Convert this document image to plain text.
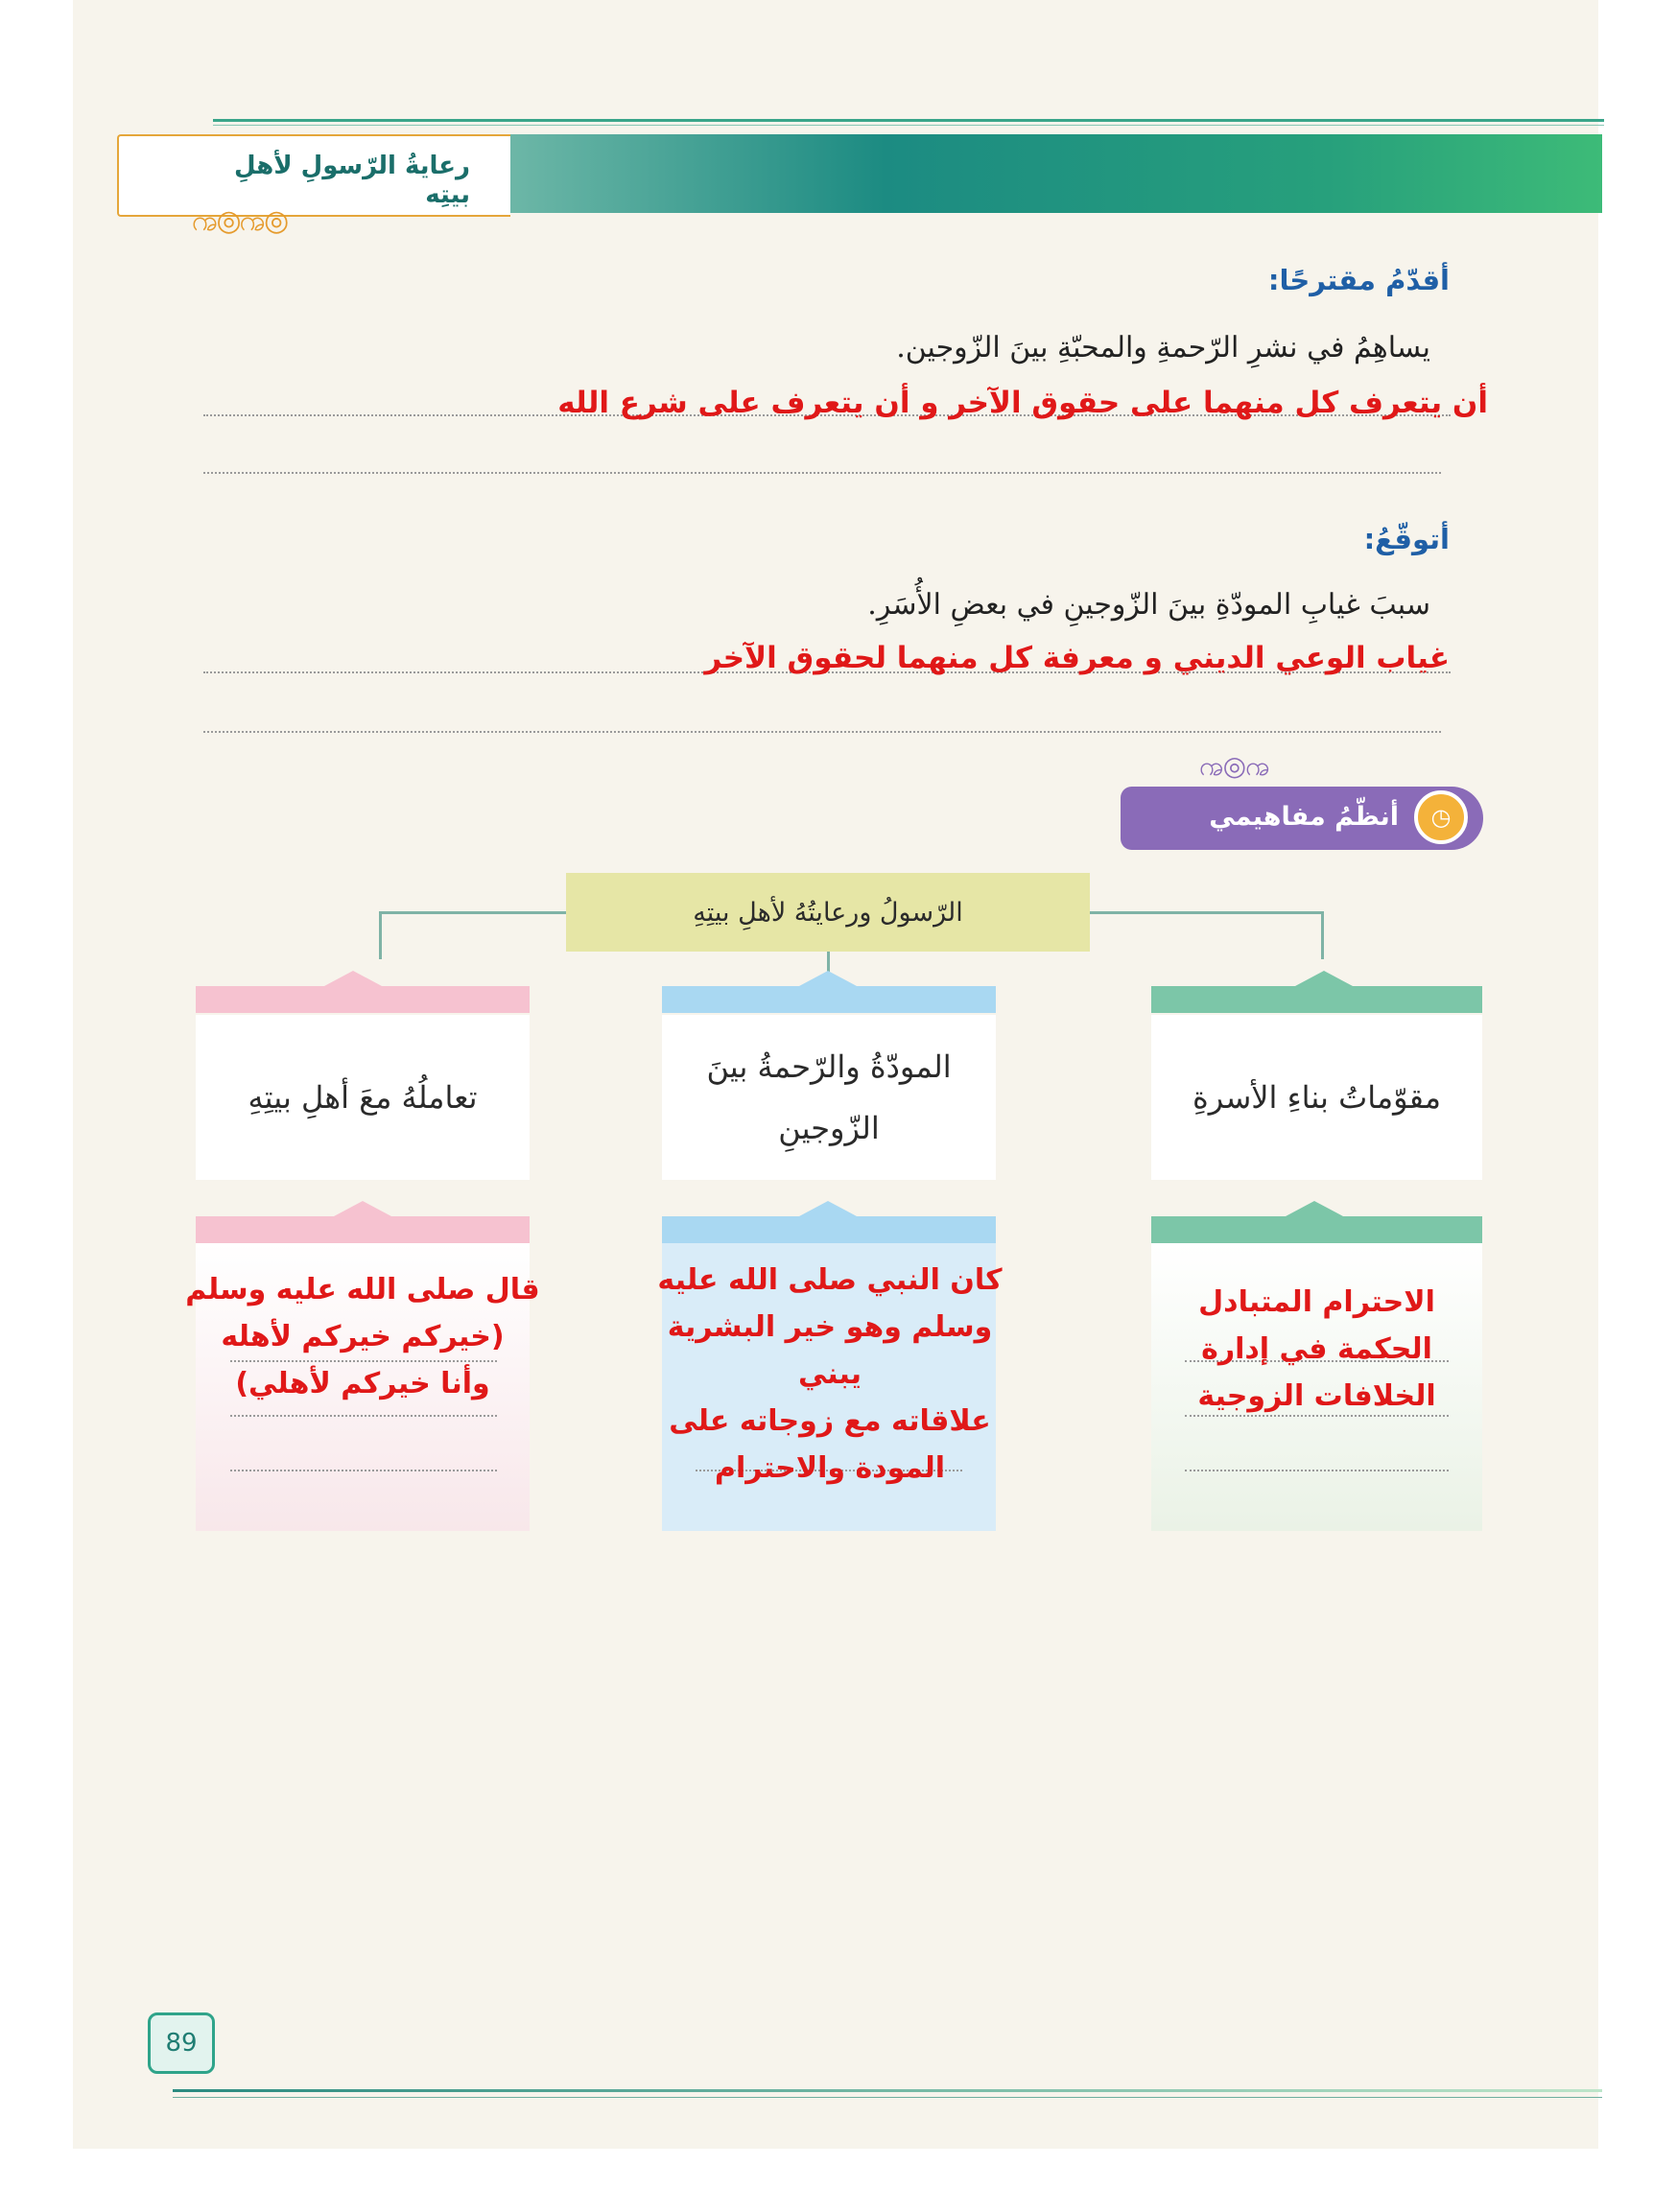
رعايةُ الرّسولِ لأهلِ بيتِه
ꩠ◎ꩠ◎
أقدّمُ مقترحًا:
يساهِمُ في نشرِ الرّحمةِ والمحبّةِ بينَ الزّوجين.
أن يتعرف كل منهما على حقوق الآخر و أن يتعرف على شرع الله
أتوقّعُ:
سببَ غيابِ المودّةِ بينَ الزّوجينِ في بعضِ الأُسَرِ.
غياب الوعي الديني و معرفة كل منهما لحقوق الآخر
ꩠ◎ꩠ
أنظّمُ مفاهيمي	◷
الرّسولُ ورعايتُهُ لأهلِ بيتِهِ
مقوّماتُ بناءِ الأسرةِ
الاحترام المتبادل
الحكمة في إدارة
الخلافات الزوجية
المودّةُ والرّحمةُ بينَ
الزّوجينِ
كان النبي صلى الله عليه
وسلم وهو خير البشرية يبني
علاقاته مع زوجاته على
المودة والاحترام
تعاملُهُ معَ أهلِ بيتِهِ
قال صلى الله عليه وسلم
(خيركم خيركم لأهله
وأنا خيركم لأهلي)
89
